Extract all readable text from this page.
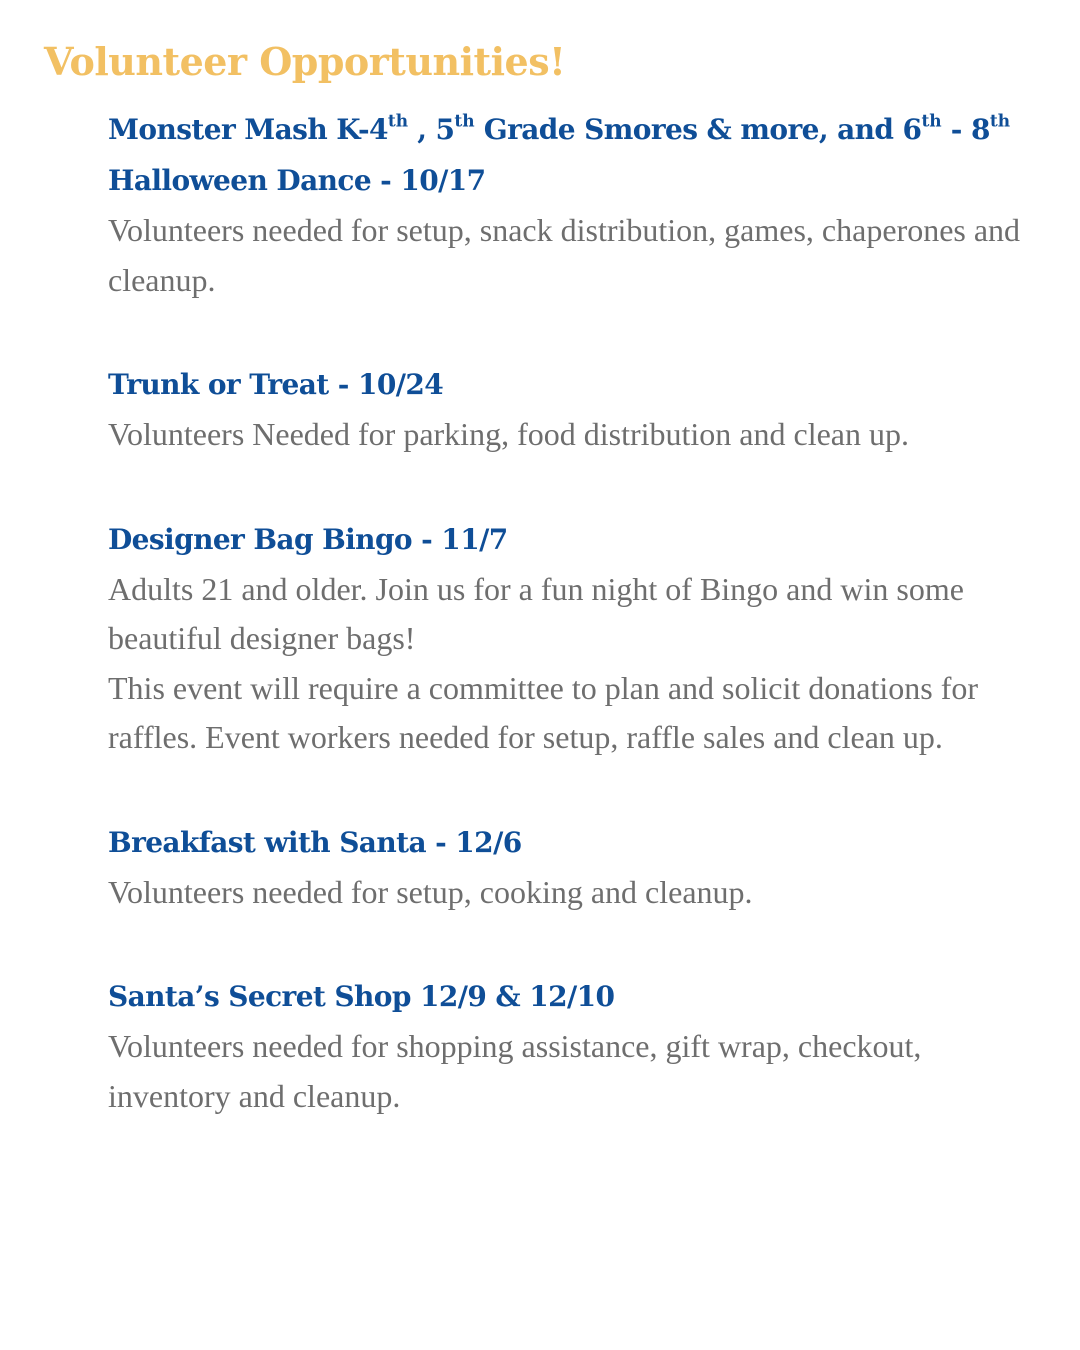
Volunteer Opportunities!
Monster Mash K-4th , 5th Grade Smores & more, and 6th - 8th Halloween Dance - 10/17

Volunteers needed for setup, snack distribution, games, chaperones and cleanup.

Trunk or Treat - 10/24

Volunteers Needed for parking, food distribution and clean up.

Designer Bag Bingo - 11/7

Adults 21 and older. Join us for a fun night of Bingo and win some beautiful designer bags!

This event will require a committee to plan and solicit donations for raffles. Event workers needed for setup, raffle sales and clean up.

Breakfast with Santa - 12/6

Volunteers needed for setup, cooking and cleanup.

Santa’s Secret Shop 12/9 & 12/10

Volunteers needed for shopping assistance, gift wrap, checkout, inventory and cleanup.
